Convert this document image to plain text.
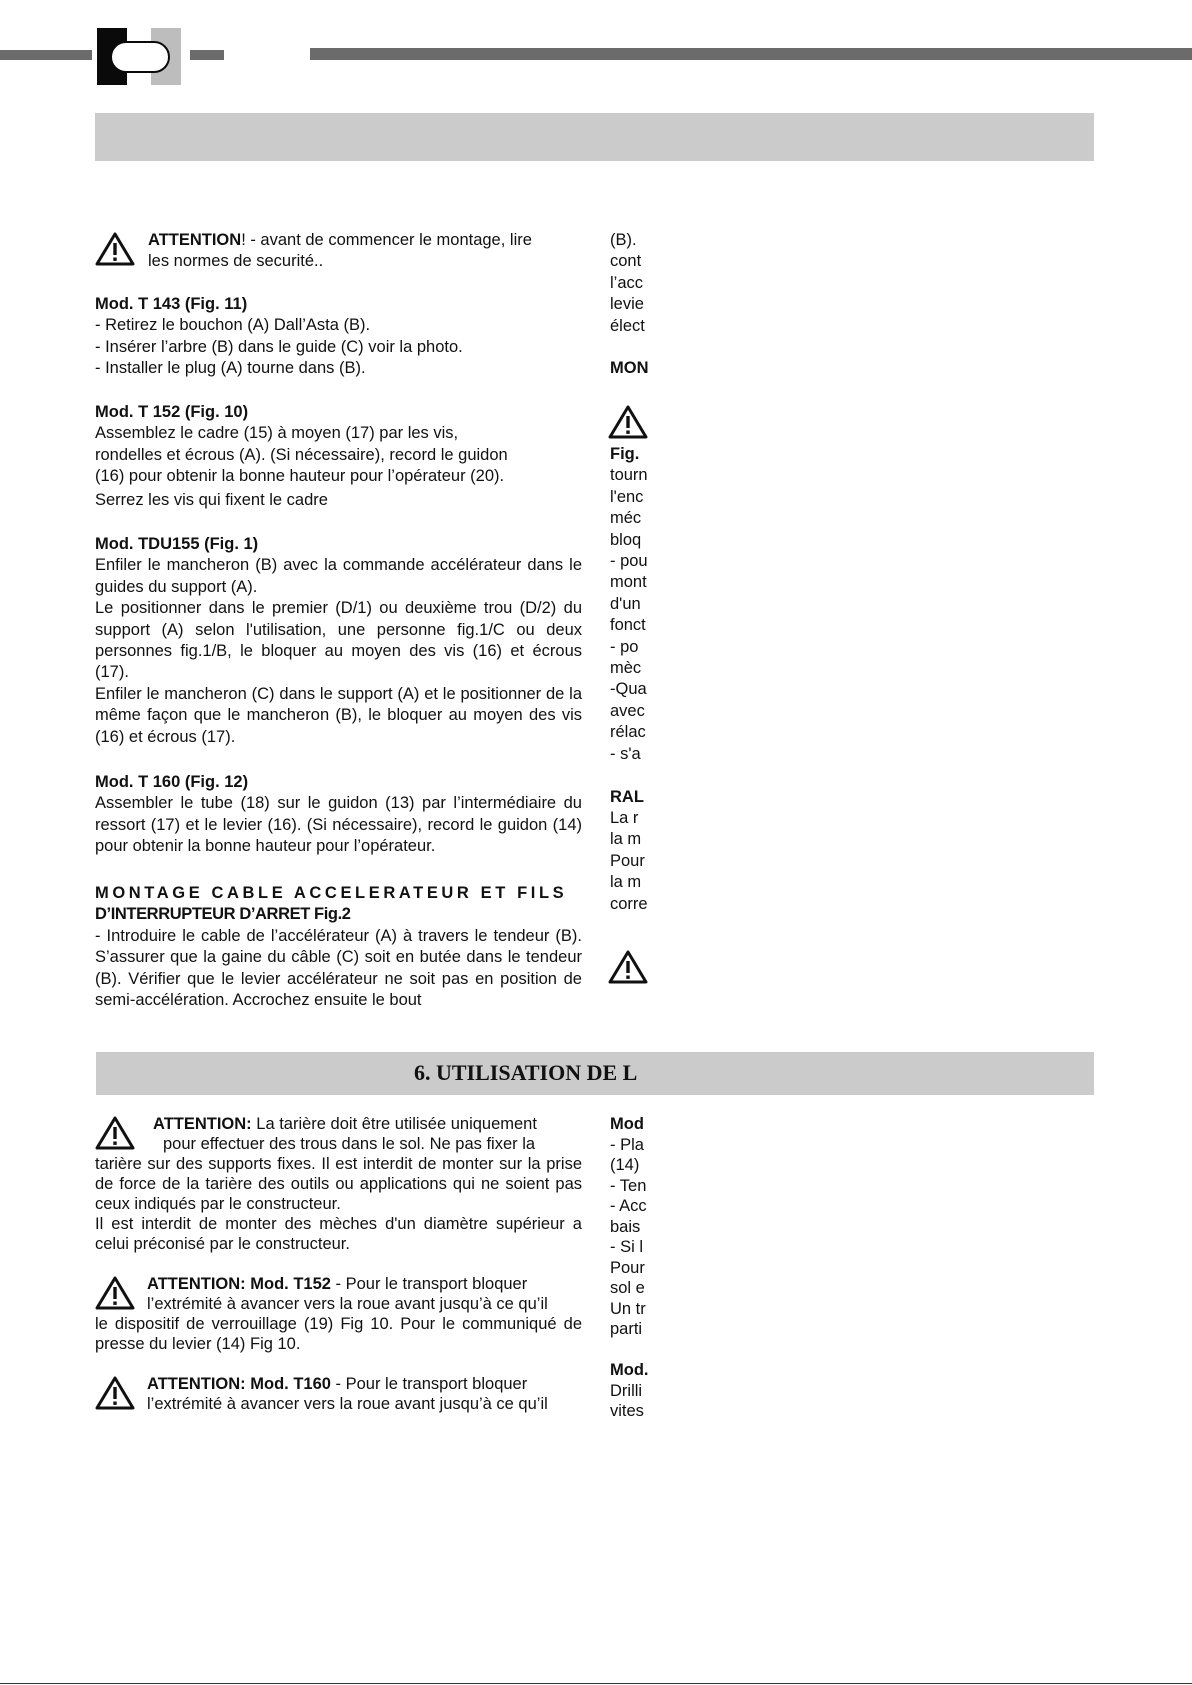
ATTENTION! - avant de commencer le montage, lire
les normes de securité..
Mod. T 143 (Fig. 11)
- Retirez le bouchon (A) Dall’Asta (B).
- Insérer l’arbre (B) dans le guide (C) voir la photo.
- Installer le plug (A) tourne dans (B).
Mod. T 152 (Fig. 10)
Assemblez le cadre (15) à moyen (17) par les vis,
rondelles et écrous (A). (Si nécessaire), record le guidon
(16) pour obtenir la bonne hauteur pour l’opérateur (20).
Serrez les vis qui fixent le cadre
Mod. TDU155 (Fig. 1)
Enfiler le mancheron (B) avec la commande accélérateur dans le guides du support (A).
Le positionner dans le premier (D/1) ou deuxième trou (D/2) du support (A) selon l'utilisation, une personne fig.1/C ou deux personnes fig.1/B, le bloquer au moyen des vis (16) et écrous (17).
Enfiler le mancheron (C) dans le support (A) et le positionner de la même façon que le mancheron (B), le bloquer au moyen des vis (16) et écrous (17).
Mod. T 160 (Fig. 12)
Assembler le tube (18) sur le guidon (13) par l’intermédiaire du ressort (17) et le levier (16). (Si nécessaire), record le guidon (14) pour obtenir la bonne hauteur pour l’opérateur.
MONTAGE CABLE ACCELERATEUR ET FILS
D’INTERRUPTEUR D’ARRET Fig.2
- Introduire le cable de l’accélérateur (A) à travers le tendeur (B). S’assurer que la gaine du câble (C) soit en butée dans le tendeur (B). Vérifier que le levier accélérateur ne soit pas en position de semi-accélération. Accrochez ensuite le bout
(B).
cont
l’acc
levie
élect

MON
Fig.
tourn
l'enc
méc
bloq
- pou
mont
d'un
fonct
- po
mèc
-Qua
avec
rélac
- s'a

RAL
La r
la m
Pour
la m
corre
6. UTILISATION DE L
ATTENTION: La tarière doit être utilisée uniquement
pour effectuer des trous dans le sol. Ne pas fixer la
tarière sur des supports fixes. Il est interdit de monter sur la prise de force de la tarière des outils ou applications qui ne soient pas ceux indiqués par le constructeur.
Il est interdit de monter des mèches d'un diamètre supérieur a celui préconisé par le constructeur.
ATTENTION: Mod. T152 - Pour le transport bloquer
l’extrémité à avancer vers la roue avant jusqu’à ce qu’il
le dispositif de verrouillage (19) Fig 10. Pour le communiqué de presse du levier (14) Fig 10.
ATTENTION: Mod. T160 - Pour le transport bloquer
l’extrémité à avancer vers la roue avant jusqu’à ce qu’il
Mod
- Pla
(14)
- Ten
- Acc
bais
- Si l
Pour
sol e
Un tr
parti

Mod.
Drilli
vites
